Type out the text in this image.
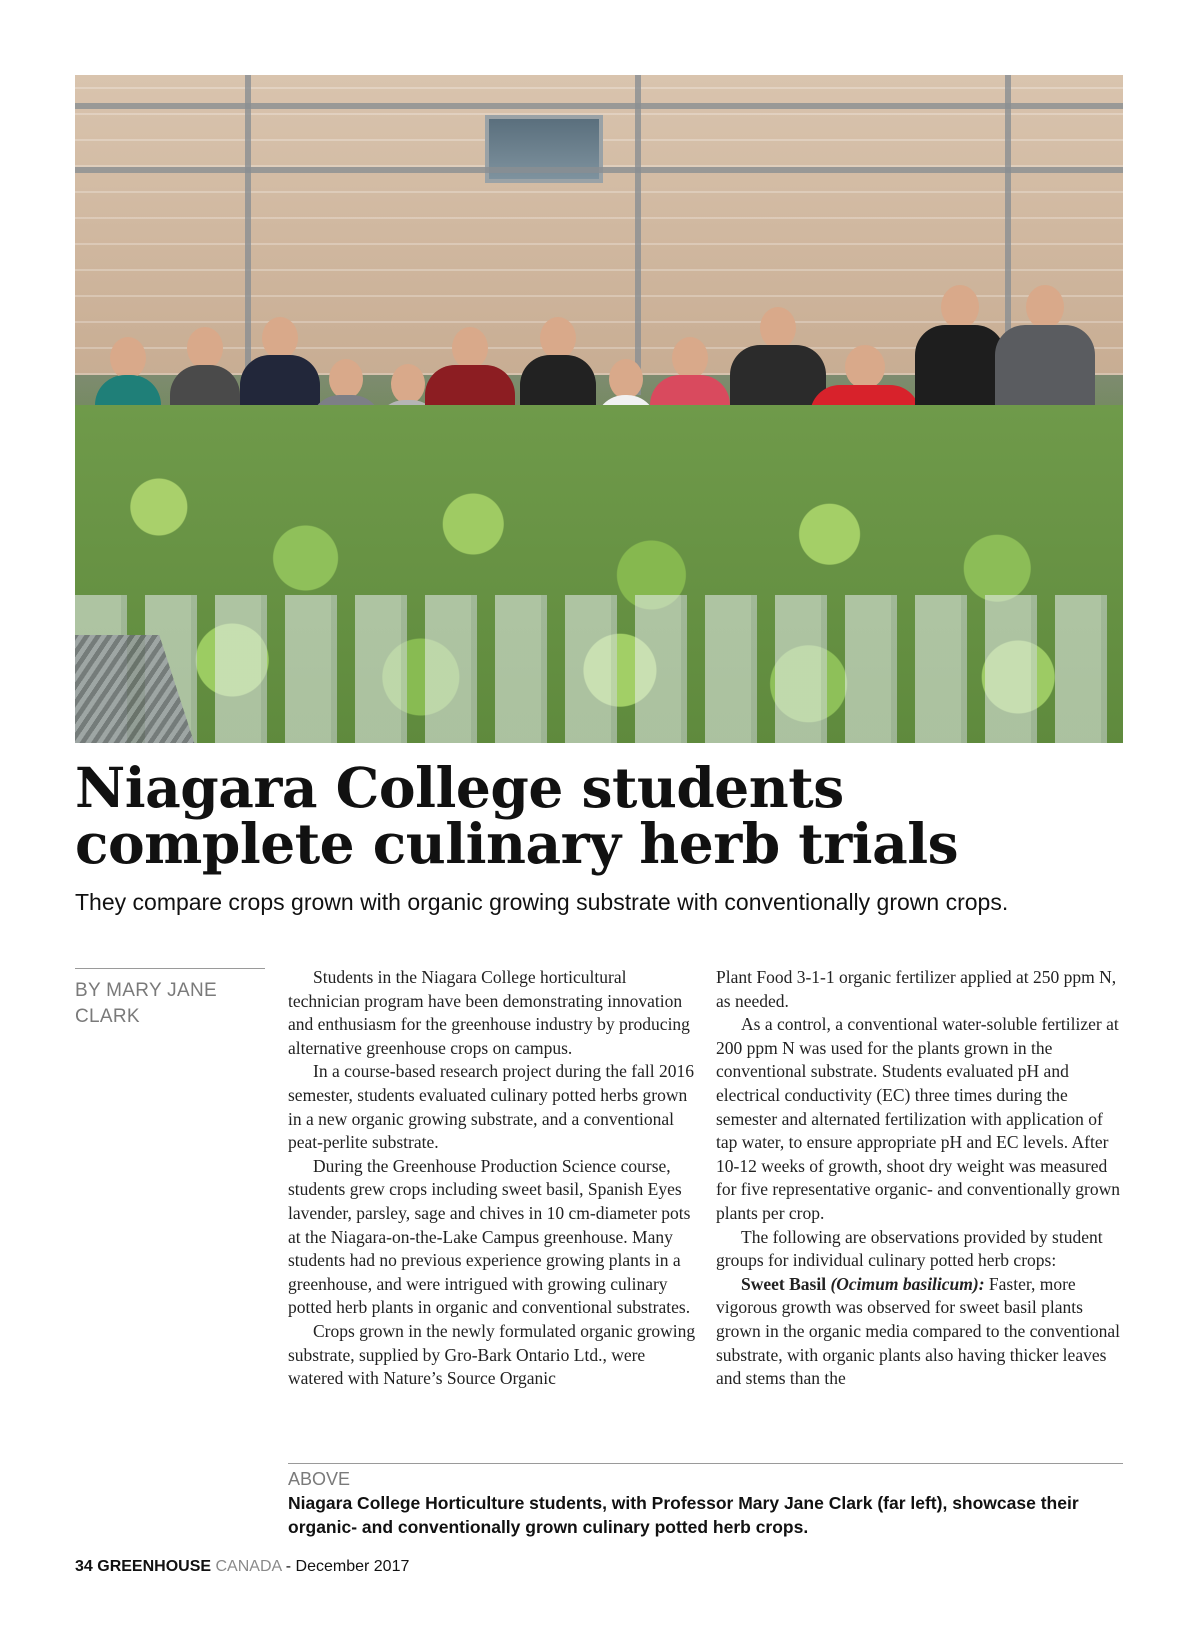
Niagara College students complete culinary herb trials

They compare crops grown with organic growing substrate with conventionally grown crops.

BY MARY JANE CLARK

Students in the Niagara College horticultural technician program have been demonstrating innovation and enthusiasm for the greenhouse industry by producing alternative greenhouse crops on campus.

In a course-based research project during the fall 2016 semester, students evaluated culinary potted herbs grown in a new organic growing substrate, and a conventional peat-perlite substrate.

During the Greenhouse Production Science course, students grew crops including sweet basil, Spanish Eyes lavender, parsley, sage and chives in 10 cm-diameter pots at the Niagara-on-the-Lake Campus greenhouse. Many students had no previous experience growing plants in a greenhouse, and were intrigued with growing culinary potted herb plants in organic and conventional substrates.

Crops grown in the newly formulated organic growing substrate, supplied by Gro-Bark Ontario Ltd., were watered with Nature’s Source Organic

Plant Food 3-1-1 organic fertilizer applied at 250 ppm N, as needed.

As a control, a conventional water-soluble fertilizer at 200 ppm N was used for the plants grown in the conventional substrate. Students evaluated pH and electrical conductivity (EC) three times during the semester and alternated fertilization with application of tap water, to ensure appropriate pH and EC levels. After 10-12 weeks of growth, shoot dry weight was measured for five representative organic- and conventionally grown plants per crop.

The following are observations provided by student groups for individual culinary potted herb crops:

Sweet Basil (Ocimum basilicum): Faster, more vigorous growth was observed for sweet basil plants grown in the organic media compared to the conventional substrate, with organic plants also having thicker leaves and stems than the

ABOVE

Niagara College Horticulture students, with Professor Mary Jane Clark (far left), showcase their organic- and conventionally grown culinary potted herb crops.

34 GREENHOUSE CANADA - December 2017
